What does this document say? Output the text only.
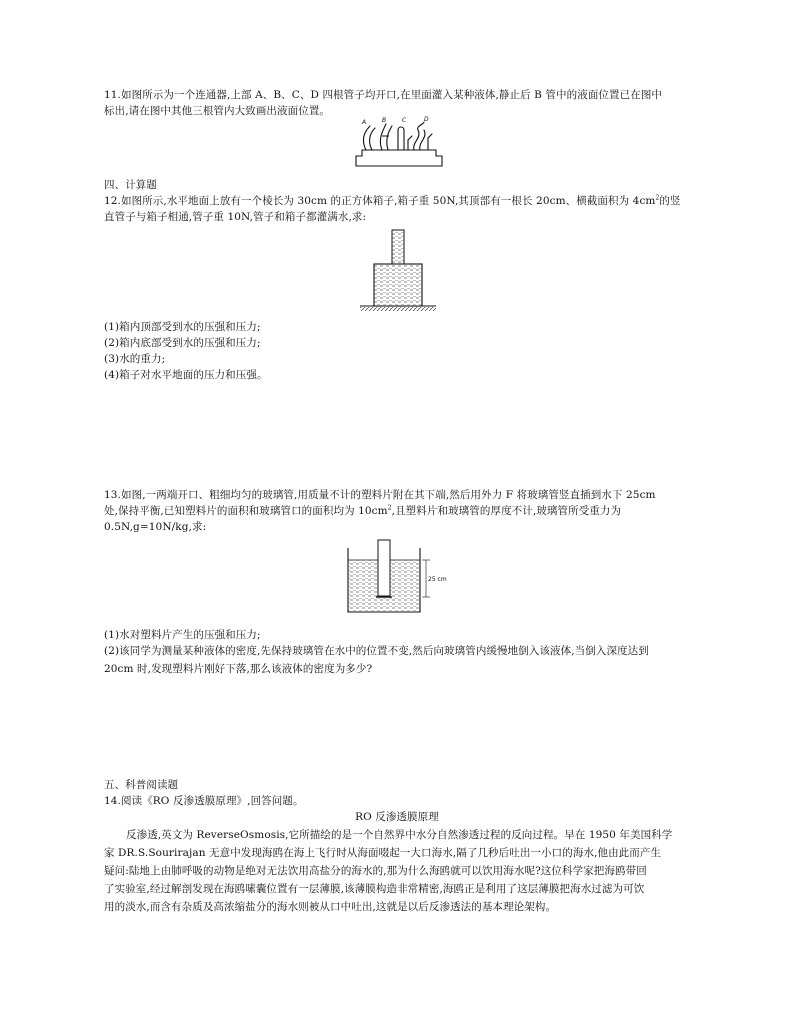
11.如图所示为一个连通器,上部 A、B、C、D 四根管子均开口,在里面灌入某种液体,静止后 B 管中的液面位置已在图中
标出,请在图中其他三根管内大致画出液面位置。
A	B	C	D
四、计算题
12.如图所示,水平地面上放有一个棱长为 30cm 的正方体箱子,箱子重 50N,其顶部有一根长 20cm、横截面积为 $4cm^2$的竖
直管子与箱子相通,管子重 10N,管子和箱子都灌满水,求:
(1)箱内顶部受到水的压强和压力;
(2)箱内底部受到水的压强和压力;
(3)水的重力;
(4)箱子对水平地面的压力和压强。
13.如图,一两端开口、粗细均匀的玻璃管,用质量不计的塑料片附在其下端,然后用外力 F 将玻璃管竖直插到水下 25cm
处,保持平衡,已知塑料片的面积和玻璃管口的面积均为 $10cm^2$,且塑料片和玻璃管的厚度不计,玻璃管所受重力为
0.5N,g=10N/kg,求:
25 cm
(1)水对塑料片产生的压强和压力;
(2)该同学为测量某种液体的密度,先保持玻璃管在水中的位置不变,然后向玻璃管内缓慢地倒入该液体,当倒入深度达到
20cm 时,发现塑料片刚好下落,那么该液体的密度为多少?
五、科普阅读题
14.阅读《RO 反渗透膜原理》,回答问题。
RO 反渗透膜原理
反渗透,英文为 ReverseOsmosis,它所描绘的是一个自然界中水分自然渗透过程的反向过程。早在 1950 年美国科学
家 DR.S.Sourirajan 无意中发现海鸥在海上飞行时从海面啜起一大口海水,隔了几秒后吐出一小口的海水,他由此而产生
疑问:陆地上由肺呼吸的动物是绝对无法饮用高盐分的海水的,那为什么海鸥就可以饮用海水呢?这位科学家把海鸥带回
了实验室,经过解剖发现在海鸥嗉囊位置有一层薄膜,该薄膜构造非常精密,海鸥正是利用了这层薄膜把海水过滤为可饮
用的淡水,而含有杂质及高浓缩盐分的海水则被从口中吐出,这就是以后反渗透法的基本理论架构。
